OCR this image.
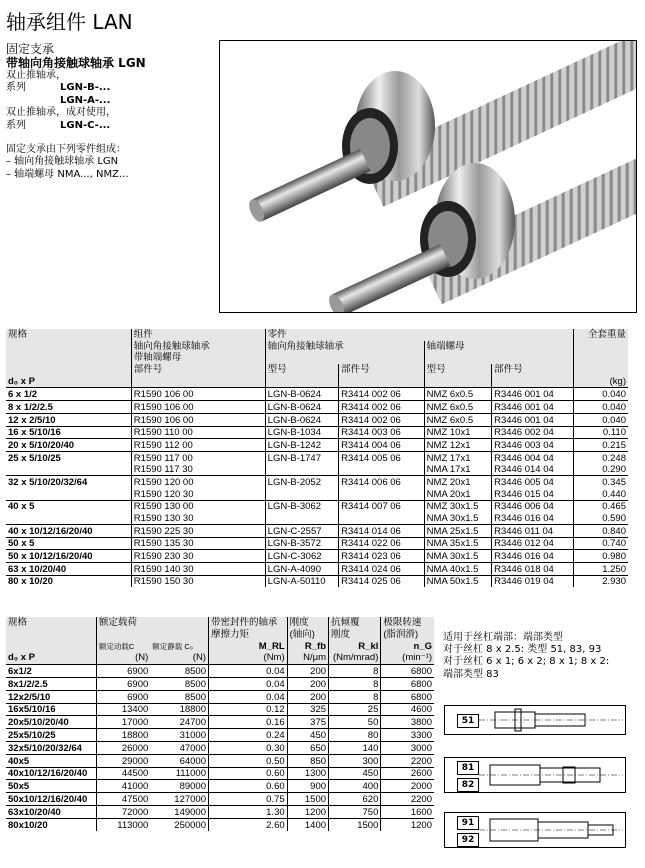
轴承组件 LAN
固定支承
带轴向角接触球轴承 LGN
双止推轴承，
系列	LGN-B-...
LGN-A-...
双止推轴承，成对使用，
系列	LGN-C-...
固定支承由下列零件组成：
– 轴向角接触球轴承 LGN
– 轴端螺母 NMA..., NMZ...
规格	组件	零件				全套重量
	轴向角接触球轴承	轴向角接触球轴承		轴端螺母		
	带轴端螺母					
	部件号	型号	部件号	型号	部件号	
d₀ x P						(kg)
6 x 1/2	R1590 106 00	LGN-B-0624	R3414 002 06	NMZ 6x0.5	R3446 001 04	0.040
8 x 1/2/2.5	R1590 106 00	LGN-B-0624	R3414 002 06	NMZ 6x0.5	R3446 001 04	0.040
12 x 2/5/10	R1590 106 00	LGN-B-0624	R3414 002 06	NMZ 6x0.5	R3446 001 04	0.040
16 x 5/10/16	R1590 110 00	LGN-B-1034	R3414 003 06	NMZ 10x1	R3446 002 04	0.110
20 x 5/10/20/40	R1590 112 00	LGN-B-1242	R3414 004 06	NMZ 12x1	R3446 003 04	0.215
25 x 5/10/25	R1590 117 00	LGN-B-1747	R3414 005 06	NMZ 17x1	R3446 004 04	0.248
	R1590 117 30			NMA 17x1	R3446 014 04	0.290
32 x 5/10/20/32/64	R1590 120 00	LGN-B-2052	R3414 006 06	NMZ 20x1	R3446 005 04	0.345
	R1590 120 30			NMA 20x1	R3446 015 04	0.440
40 x 5	R1590 130 00	LGN-B-3062	R3414 007 06	NMZ 30x1.5	R3446 006 04	0.465
	R1590 130 30			NMA 30x1.5	R3446 016 04	0.590
40 x 10/12/16/20/40	R1590 225 30	LGN-C-2557	R3414 014 06	NMA 25x1.5	R3446 011 04	0.840
50 x 5	R1590 135 30	LGN-B-3572	R3414 022 06	NMA 35x1.5	R3446 012 04	0.740
50 x 10/12/16/20/40	R1590 230 30	LGN-C-3062	R3414 023 06	NMA 30x1.5	R3446 016 04	0.980
63 x 10/20/40	R1590 140 30	LGN-A-4090	R3414 024 06	NMA 40x1.5	R3446 018 04	1.250
80 x 10/20	R1590 150 30	LGN-A-50110	R3414 025 06	NMA 50x1.5	R3446 019 04	2.930
规格	额定载荷		带密封件的轴承	刚度	抗倾覆	极限转速
			摩擦力矩	(轴向)	刚度	(脂润滑)
	额定动载C	额定静载 C₀	M_RL	R_fb	R_kl	n_G
d₀ x P	(N)	(N)	(Nm)	N/μm	(Nm/mrad)	(min⁻¹)
6x1/2	6900	8500	0.04	200	8	6800
8x1/2/2.5	6900	8500	0.04	200	8	6800
12x2/5/10	6900	8500	0.04	200	8	6800
16x5/10/16	13400	18800	0.12	325	25	4600
20x5/10/20/40	17000	24700	0.16	375	50	3800
25x5/10/25	18800	31000	0.24	450	80	3300
32x5/10/20/32/64	26000	47000	0.30	650	140	3000
40x5	29000	64000	0.50	850	300	2200
40x10/12/16/20/40	44500	111000	0.60	1300	450	2600
50x5	41000	89000	0.60	900	400	2000
50x10/12/16/20/40	47500	127000	0.75	1500	620	2200
63x10/20/40	72000	149000	1.30	1200	750	1600
80x10/20	113000	250000	2.60	1400	1500	1200
适用于丝杠端部：端部类型
对于丝杠 8 x 2.5: 类型 51, 83, 93
对于丝杠 6 x 1; 6 x 2; 8 x 1; 8 x 2:
端部类型 83
51
81
82
91
92
